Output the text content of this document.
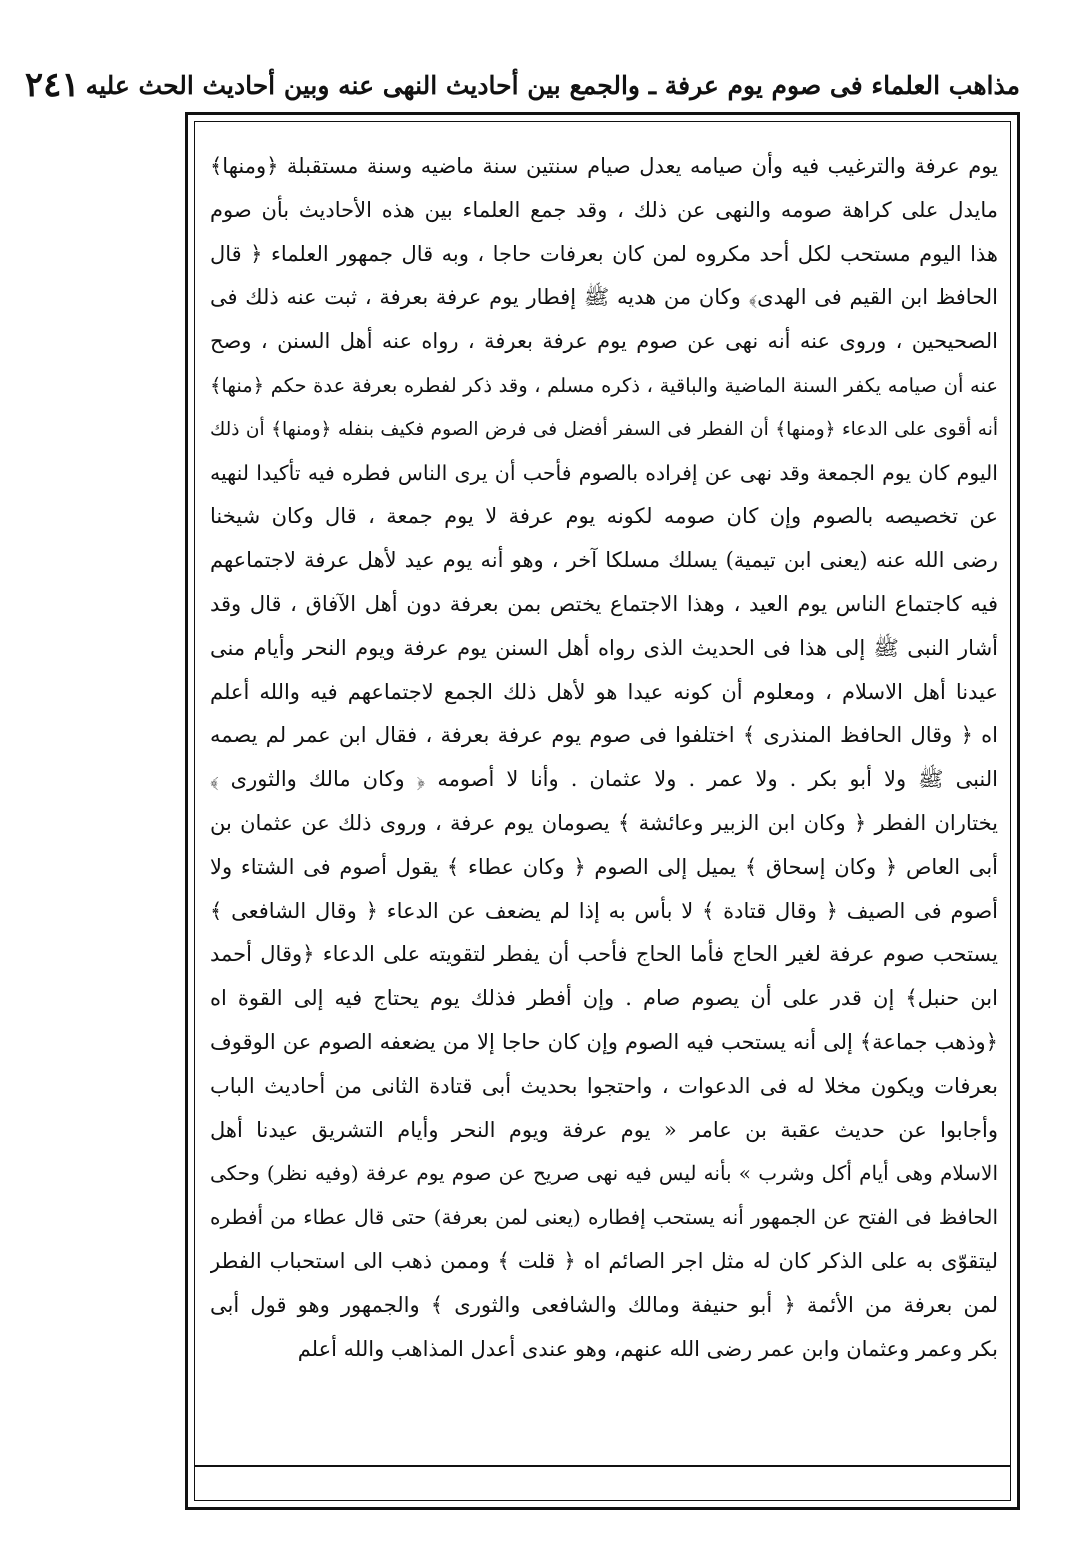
مذاهب العلماء فى صوم يوم عرفة ـ والجمع بين أحاديث النهى عنه وبين أحاديث الحث عليه
٢٤١
يوم عرفة والترغيب فيه وأن صيامه يعدل صيام سنتين سنة ماضيه وسنة مستقبلة ﴿ومنها﴾
مايدل على كراهة صومه والنهى عن ذلك ، وقد جمع العلماء بين هذه الأحاديث بأن صوم
هذا اليوم مستحب لكل أحد مكروه لمن كان بعرفات حاجا ، وبه قال جمهور العلماء ﴿ قال
الحافظ ابن القيم فى الهدى﴾ وكان من هديه ﷺ إفطار يوم عرفة بعرفة ، ثبت عنه ذلك فى
الصحيحين ، وروى عنه أنه نهى عن صوم يوم عرفة بعرفة ، رواه عنه أهل السنن ، وصح
عنه أن صيامه يكفر السنة الماضية والباقية ، ذكره مسلم ، وقد ذكر لفطره بعرفة عدة حكم ﴿منها﴾
أنه أقوى على الدعاء ﴿ومنها﴾ أن الفطر فى السفر أفضل فى فرض الصوم فكيف بنفله ﴿ومنها﴾ أن ذلك
اليوم كان يوم الجمعة وقد نهى عن إفراده بالصوم فأحب أن يرى الناس فطره فيه تأكيدا لنهيه
عن تخصيصه بالصوم وإن كان صومه لكونه يوم عرفة لا يوم جمعة ، قال وكان شيخنا
رضى الله عنه (يعنى ابن تيمية) يسلك مسلكا آخر ، وهو أنه يوم عيد لأهل عرفة لاجتماعهم
فيه كاجتماع الناس يوم العيد ، وهذا الاجتماع يختص بمن بعرفة دون أهل الآفاق ، قال وقد
أشار النبى ﷺ إلى هذا فى الحديث الذى رواه أهل السنن يوم عرفة ويوم النحر وأيام منى
عيدنا أهل الاسلام ، ومعلوم أن كونه عيدا هو لأهل ذلك الجمع لاجتماعهم فيه والله أعلم
اه ﴿ وقال الحافظ المنذرى ﴾ اختلفوا فى صوم يوم عرفة بعرفة ، فقال ابن عمر لم يصمه
النبى ﷺ ولا أبو بكر . ولا عمر . ولا عثمان . وأنا لا أصومه ﴿ وكان مالك والثورى ﴾
يختاران الفطر ﴿ وكان ابن الزبير وعائشة ﴾ يصومان يوم عرفة ، وروى ذلك عن عثمان بن
أبى العاص ﴿ وكان إسحاق ﴾ يميل إلى الصوم ﴿ وكان عطاء ﴾ يقول أصوم فى الشتاء ولا
أصوم فى الصيف ﴿ وقال قتادة ﴾ لا بأس به إذا لم يضعف عن الدعاء ﴿ وقال الشافعى ﴾
يستحب صوم عرفة لغير الحاج فأما الحاج فأحب أن يفطر لتقويته على الدعاء ﴿وقال أحمد
ابن حنبل﴾ إن قدر على أن يصوم صام . وإن أفطر فذلك يوم يحتاج فيه إلى القوة اه
﴿وذهب جماعة﴾ إلى أنه يستحب فيه الصوم وإن كان حاجا إلا من يضعفه الصوم عن الوقوف
بعرفات ويكون مخلا له فى الدعوات ، واحتجوا بحديث أبى قتادة الثانى من أحاديث الباب
وأجابوا عن حديث عقبة بن عامر « يوم عرفة ويوم النحر وأيام التشريق عيدنا أهل
الاسلام وهى أيام أكل وشرب » بأنه ليس فيه نهى صريح عن صوم يوم عرفة (وفيه نظر) وحكى
الحافظ فى الفتح عن الجمهور أنه يستحب إفطاره (يعنى لمن بعرفة) حتى قال عطاء من أفطره
ليتقوّى به على الذكر كان له مثل اجر الصائم اه ﴿ قلت ﴾ وممن ذهب الى استحباب الفطر
لمن بعرفة من الأئمة ﴿ أبو حنيفة ومالك والشافعى والثورى ﴾ والجمهور وهو قول أبى
بكر وعمر وعثمان وابن عمر رضى الله عنهم، وهو عندى أعدل المذاهب والله أعلم
